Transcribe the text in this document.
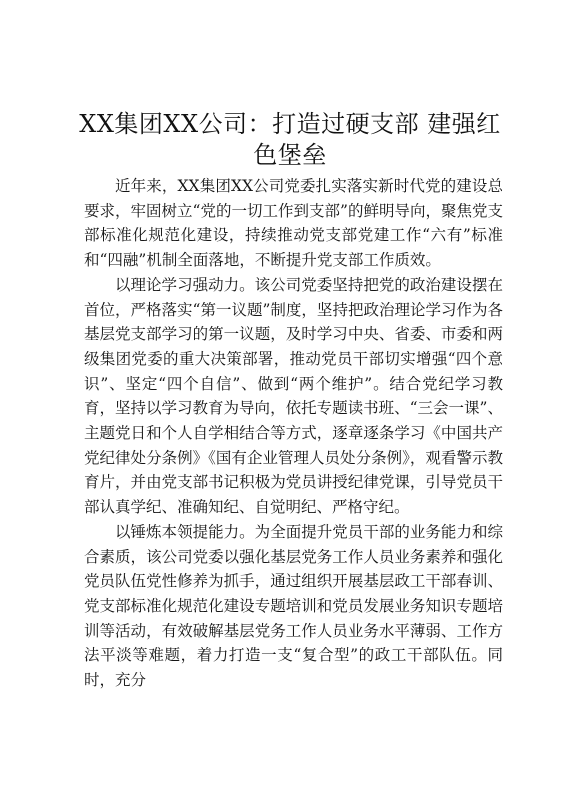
XX集团XX公司：打造过硬支部 建强红色堡垒

近年来，XX集团XX公司党委扎实落实新时代党的建设总要求，牢固树立“党的一切工作到支部”的鲜明导向，聚焦党支部标准化规范化建设，持续推动党支部党建工作“六有”标准和“四融”机制全面落地，不断提升党支部工作质效。

以理论学习强动力。该公司党委坚持把党的政治建设摆在首位，严格落实“第一议题”制度，坚持把政治理论学习作为各基层党支部学习的第一议题，及时学习中央、省委、市委和两级集团党委的重大决策部署，推动党员干部切实增强“四个意识”、坚定“四个自信”、做到“两个维护”。结合党纪学习教育，坚持以学习教育为导向，依托专题读书班、“三会一课”、主题党日和个人自学相结合等方式，逐章逐条学习《中国共产党纪律处分条例》《国有企业管理人员处分条例》，观看警示教育片，并由党支部书记积极为党员讲授纪律党课，引导党员干部认真学纪、准确知纪、自觉明纪、严格守纪。

以锤炼本领提能力。为全面提升党员干部的业务能力和综合素质，该公司党委以强化基层党务工作人员业务素养和强化党员队伍党性修养为抓手，通过组织开展基层政工干部春训、党支部标准化规范化建设专题培训和党员发展业务知识专题培训等活动，有效破解基层党务工作人员业务水平薄弱、工作方法平淡等难题，着力打造一支“复合型”的政工干部队伍。同时，充分
